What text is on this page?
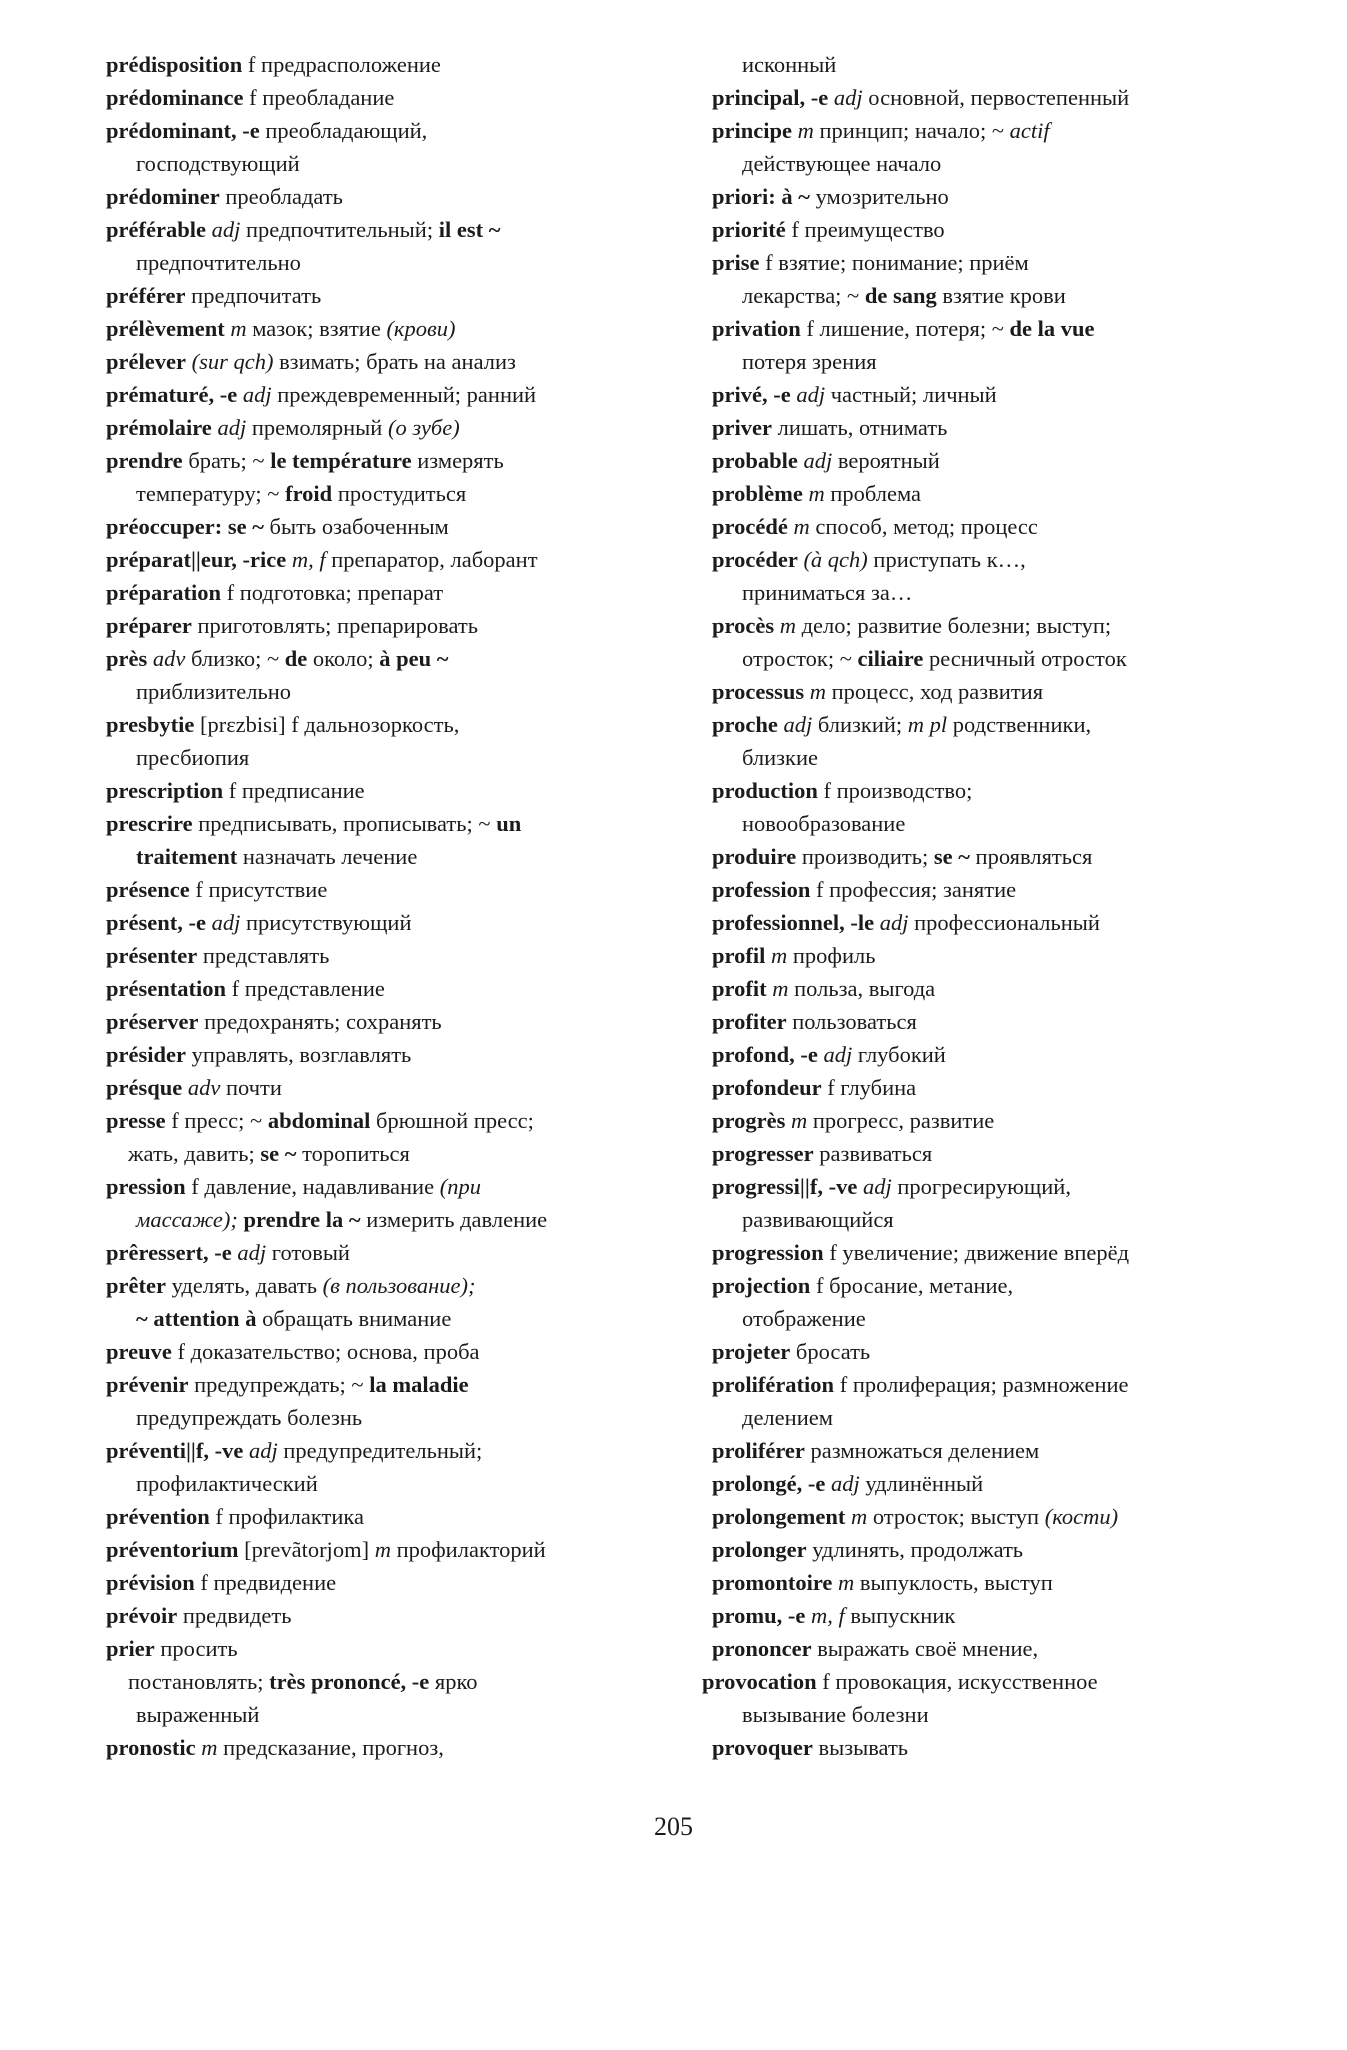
prédisposition f предрасположение
prédominance f преобладание
prédominant, -e преобладающий,
господствующий
prédominer преобладать
préférable adj предпочтительный; il est ~
предпочтительно
préférer предпочитать
prélèvement m мазок; взятие (крови)
prélever (sur qch) взимать; брать на анализ
prématuré, -e adj преждевременный; ранний
prémolaire adj премолярный (о зубе)
prendre брать; ~ le température измерять
температуру; ~ froid простудиться
préoccuper: se ~ быть озабоченным
préparat||eur, -rice m, f препаратор, лаборант
préparation f подготовка; препарат
préparer приготовлять; препарировать
près adv близко; ~ de около; à peu ~
приблизительно
presbytie [prɛzbisi] f дальнозоркость,
пресбиопия
prescription f предписание
prescrire предписывать, прописывать; ~ un
traitement назначать лечение
présence f присутствие
présent, -e adj присутствующий
présenter представлять
présentation f представление
préserver предохранять; сохранять
présider управлять, возглавлять
présque adv почти
presse f пресс; ~ abdominal брюшной пресс;
жать, давить; se ~ торопиться
pression f давление, надавливание (при
массаже); prendre la ~ измерить давление
prêressert, -e adj готовый
prêter уделять, давать (в пользование);
~ attention à обращать внимание
preuve f доказательство; основа, проба
prévenir предупреждать; ~ la maladie
предупреждать болезнь
préventi||f, -ve adj предупредительный;
профилактический
prévention f профилактика
préventorium [prevãtorjom] m профилакторий
prévision f предвидение
prévoir предвидеть
prier просить
постановлять; très prononcé, -e ярко
выраженный
pronostic m предсказание, прогноз,
исконный
principal, -e adj основной, первостепенный
principe m принцип; начало; ~ actif
действующее начало
priori: à ~ умозрительно
priorité f преимущество
prise f взятие; понимание; приём
лекарства; ~ de sang взятие крови
privation f лишение, потеря; ~ de la vue
потеря зрения
privé, -e adj частный; личный
priver лишать, отнимать
probable adj вероятный
problème m проблема
procédé m способ, метод; процесс
procéder (à qch) приступать к…,
приниматься за…
procès m дело; развитие болезни; выступ;
отросток; ~ ciliaire ресничный отросток
processus m процесс, ход развития
proche adj близкий; m pl родственники,
близкие
production f производство;
новообразование
produire производить; se ~ проявляться
profession f профессия; занятие
professionnel, -le adj профессиональный
profil m профиль
profit m польза, выгода
profiter пользоваться
profond, -e adj глубокий
profondeur f глубина
progrès m прогресс, развитие
progresser развиваться
progressi||f, -ve adj прогресирующий,
развивающийся
progression f увеличение; движение вперёд
projection f бросание, метание,
отображение
projeter бросать
prolifération f пролиферация; размножение
делением
proliférer размножаться делением
prolongé, -e adj удлинённый
prolongement m отросток; выступ (кости)
prolonger удлинять, продолжать
promontoire m выпуклость, выступ
promu, -e m, f выпускник
prononcer выражать своё мнение,
provocation f провокация, искусственное
вызывание болезни
provoquer вызывать
205
